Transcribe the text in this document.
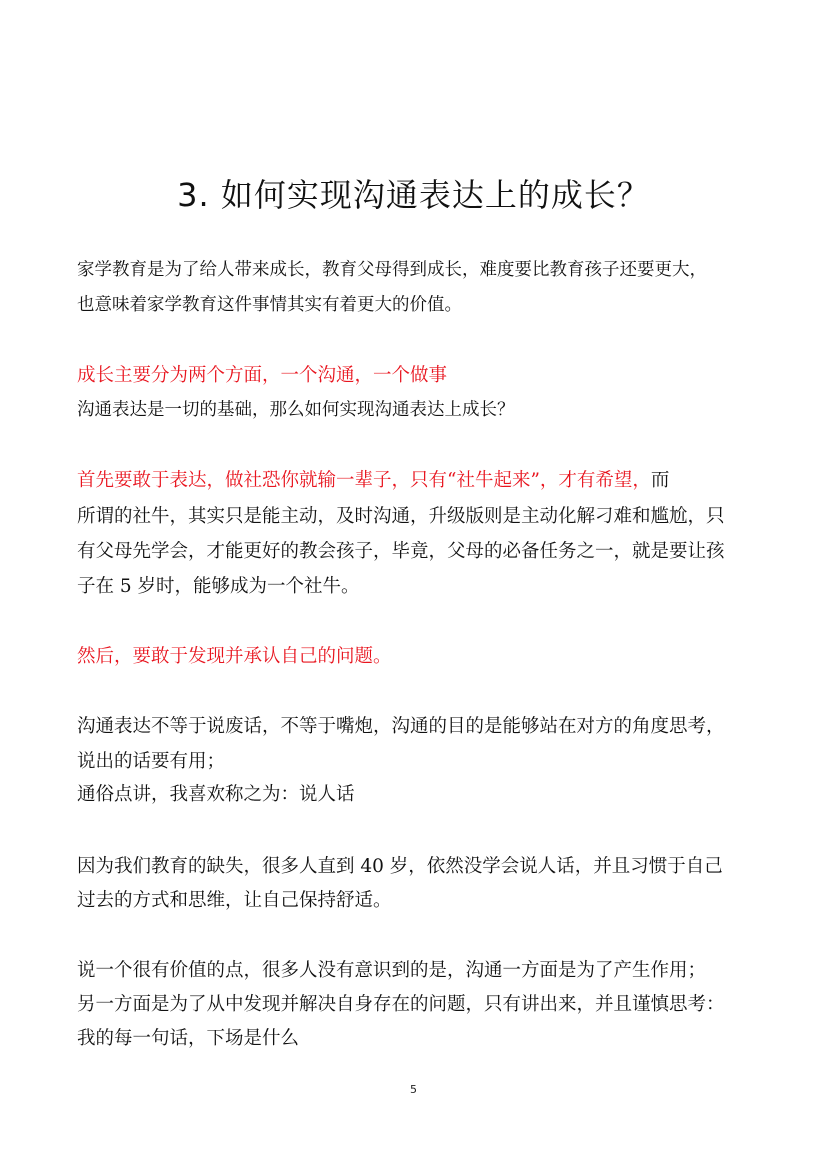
3. 如何实现沟通表达上的成长？

家学教育是为了给人带来成长，教育父母得到成长，难度要比教育孩子还要更大，

也意味着家学教育这件事情其实有着更大的价值。

成长主要分为两个方面，一个沟通，一个做事

沟通表达是一切的基础，那么如何实现沟通表达上成长？

首先要敢于表达，做社恐你就输一辈子，只有“社牛起来”，才有希望，而

所谓的社牛，其实只是能主动，及时沟通，升级版则是主动化解刁难和尴尬，只

有父母先学会，才能更好的教会孩子，毕竟，父母的必备任务之一，就是要让孩

子在 5 岁时，能够成为一个社牛。

然后，要敢于发现并承认自己的问题。

沟通表达不等于说废话，不等于嘴炮，沟通的目的是能够站在对方的角度思考，

说出的话要有用；

通俗点讲，我喜欢称之为：说人话

因为我们教育的缺失，很多人直到 40 岁，依然没学会说人话，并且习惯于自己

过去的方式和思维，让自己保持舒适。

说一个很有价值的点，很多人没有意识到的是，沟通一方面是为了产生作用；

另一方面是为了从中发现并解决自身存在的问题，只有讲出来，并且谨慎思考：

我的每一句话，下场是什么

5
